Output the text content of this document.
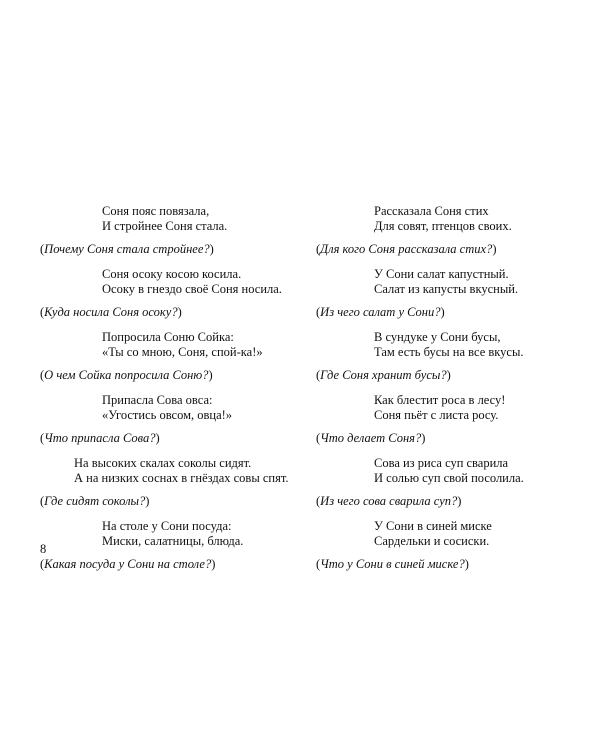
Соня пояс повязала,
И стройнее Соня стала.
(Почему Соня стала стройнее?)
Соня осоку косою косила.
Осоку в гнездо своё Соня носила.
(Куда носила Соня осоку?)
Попросила Соню Сойка:
«Ты со мною, Соня, спой-ка!»
(О чем Сойка попросила Соню?)
Припасла Сова овса:
«Угостись овсом, овца!»
(Что припасла Сова?)
На высоких скалах соколы сидят.
А на низких соснах в гнёздах совы спят.
(Где сидят соколы?)
На столе у Сони посуда:
Миски, салатницы, блюда.
(Какая посуда у Сони на столе?)
Рассказала Соня стих
Для совят, птенцов своих.
(Для кого Соня рассказала стих?)
У Сони салат капустный.
Салат из капусты вкусный.
(Из чего салат у Сони?)
В сундуке у Сони бусы,
Там есть бусы на все вкусы.
(Где Соня хранит бусы?)
Как блестит роса в лесу!
Соня пьёт с листа росу.
(Что делает Соня?)
Сова из риса суп сварила
И солью суп свой посолила.
(Из чего сова сварила суп?)
У Сони в синей миске
Сардельки и сосиски.
(Что у Сони в синей миске?)
8
